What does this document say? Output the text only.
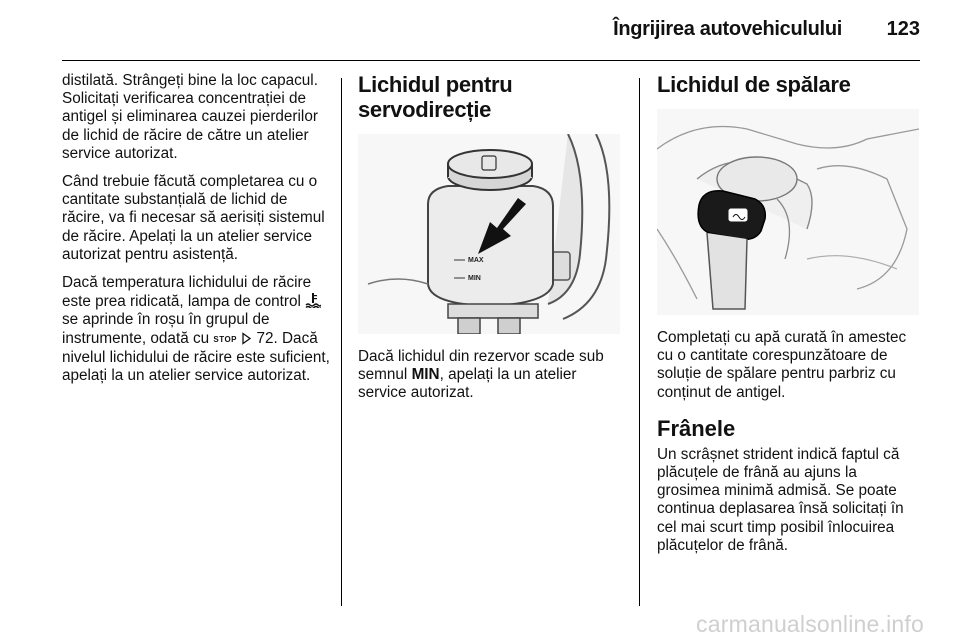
Îngrijirea autovehiculului 123

distilată. Strângeți bine la loc capacul. Solicitați verificarea concentrației de antigel și eliminarea cauzei pierderilor de lichid de răcire de către un atelier service autorizat.

Când trebuie făcută completarea cu o cantitate substanțială de lichid de răcire, va fi necesar să aerisiți sistemul de răcire. Apelați la un atelier service autorizat pentru asistență.

Dacă temperatura lichidului de răcire este prea ridicată, lampa de control  se aprinde în roșu în grupul de instrumente, odată cu STOP 72. Dacă nivelul lichidului de răcire este suficient, apelați la un atelier service autorizat.

Lichidul pentru servodirecție
MAX
MIN

Dacă lichidul din rezervor scade sub semnul MIN, apelați la un atelier service autorizat.

Lichidul de spălare

Completați cu apă curată în amestec cu o cantitate corespunzătoare de soluție de spălare pentru parbriz cu conținut de antigel.

Frânele

Un scrâșnet strident indică faptul că plăcuțele de frână au ajuns la grosimea minimă admisă. Se poate continua deplasarea însă solicitați în cel mai scurt timp posibil înlocuirea plăcuțelor de frână.

carmanualsonline.info
